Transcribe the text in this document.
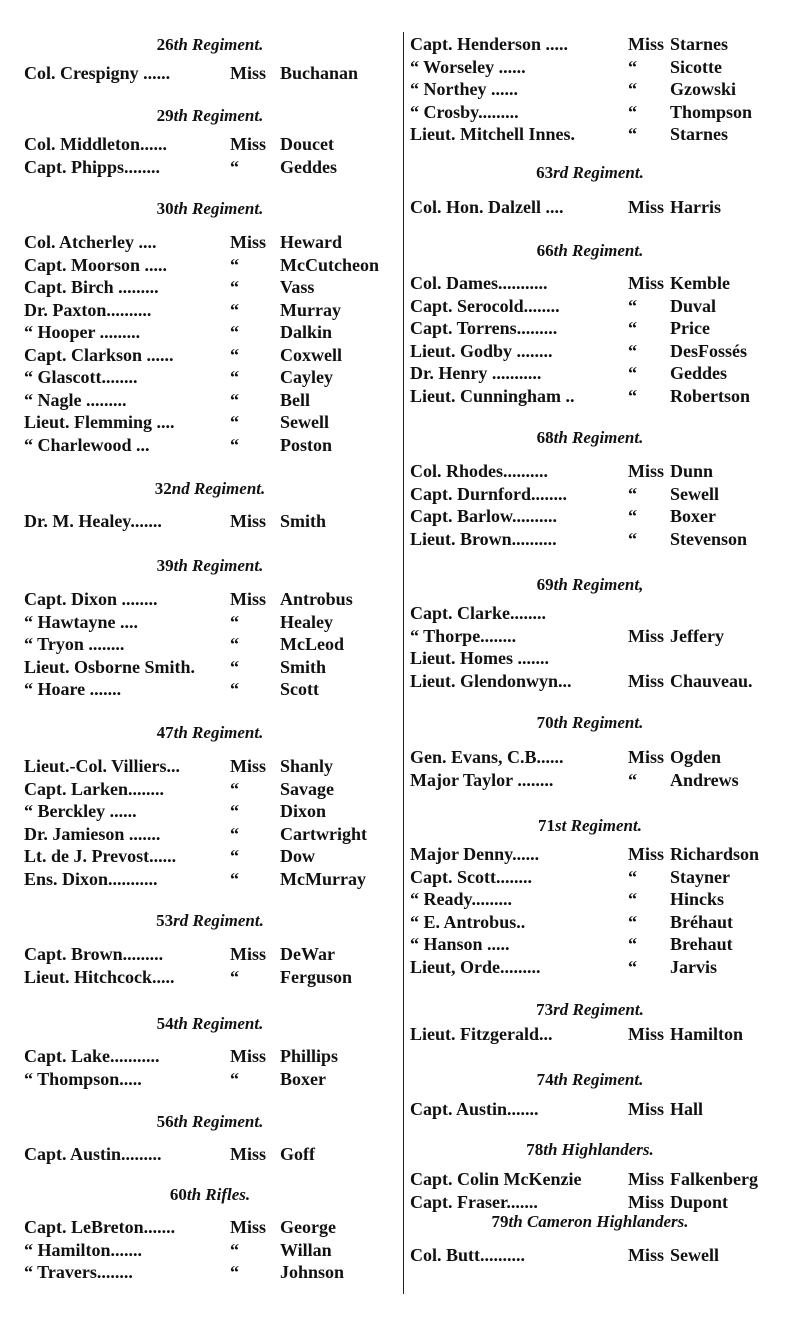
26th Regiment.
Col. Crespigny ......	Miss Buchanan
29th Regiment.
Col. Middleton......	Miss Doucet
Capt. Phipps........	“ Geddes
30th Regiment.
Col. Atcherley ....	Miss Heward
Capt. Moorson .....	“ McCutcheon
Capt. Birch .........	“ Vass
Dr. Paxton..........	“ Murray
“ Hooper .........	“ Dalkin
Capt. Clarkson ......	“ Coxwell
“ Glascott........	“ Cayley
“ Nagle .........	“ Bell
Lieut. Flemming ....	“ Sewell
“ Charlewood ...	“ Poston
32nd Regiment.
Dr. M. Healey.......	Miss Smith
39th Regiment.
Capt. Dixon ........	Miss Antrobus
“ Hawtayne ....	“ Healey
“ Tryon ........	“ McLeod
Lieut. Osborne Smith. “ Smith
“ Hoare .......	“ Scott
47th Regiment.
Lieut.-Col. Villiers...	Miss Shanly
Capt. Larken........	“ Savage
“ Berckley ......	“ Dixon
Dr. Jamieson .......	“ Cartwright
Lt. de J. Prevost......	“ Dow
Ens. Dixon...........	“ McMurray
53rd Regiment.
Capt. Brown.........	Miss DeWar
Lieut. Hitchcock.....	“ Ferguson
54th Regiment.
Capt. Lake...........	Miss Phillips
“ Thompson.....	“ Boxer
56th Regiment.
Capt. Austin.........	Miss Goff
60th Rifles.
Capt. LeBreton.......	Miss George
“ Hamilton.......	“ Willan
“ Travers........	“ Johnson
Capt. Henderson .....	Miss Starnes
“ Worseley ......	“ Sicotte
“ Northey ......	“ Gzowski
“ Crosby.........	“ Thompson
Lieut. Mitchell Innes.	“ Starnes
63rd Regiment.
Col. Hon. Dalzell ....	Miss Harris
66th Regiment.
Col. Dames...........	Miss Kemble
Capt. Serocold........	“ Duval
Capt. Torrens.........	“ Price
Lieut. Godby ........	“ DesFossés
Dr. Henry ...........	“ Geddes
Lieut. Cunningham ..	“ Robertson
68th Regiment.
Col. Rhodes..........	Miss Dunn
Capt. Durnford........	“ Sewell
Capt. Barlow..........	“ Boxer
Lieut. Brown..........	“ Stevenson
69th Regiment,
Capt. Clarke........
“ Thorpe........	Miss Jeffery
Lieut. Homes .......
Lieut. Glendonwyn...	Miss Chauveau.
70th Regiment.
Gen. Evans, C.B......	Miss Ogden
Major Taylor ........	“ Andrews
71st Regiment.
Major Denny......	Miss Richardson
Capt. Scott........	“ Stayner
“ Ready.........	“ Hincks
“ E. Antrobus..	“ Bréhaut
“ Hanson .....	“ Brehaut
Lieut, Orde.........	“ Jarvis
73rd Regiment.
Lieut. Fitzgerald...	Miss Hamilton
74th Regiment.
Capt. Austin.......	Miss Hall
78th Highlanders.
Capt. Colin McKenzie	Miss Falkenberg
Capt. Fraser.......	Miss Dupont
79th Cameron Highlanders.
Col. Butt..........	Miss Sewell
